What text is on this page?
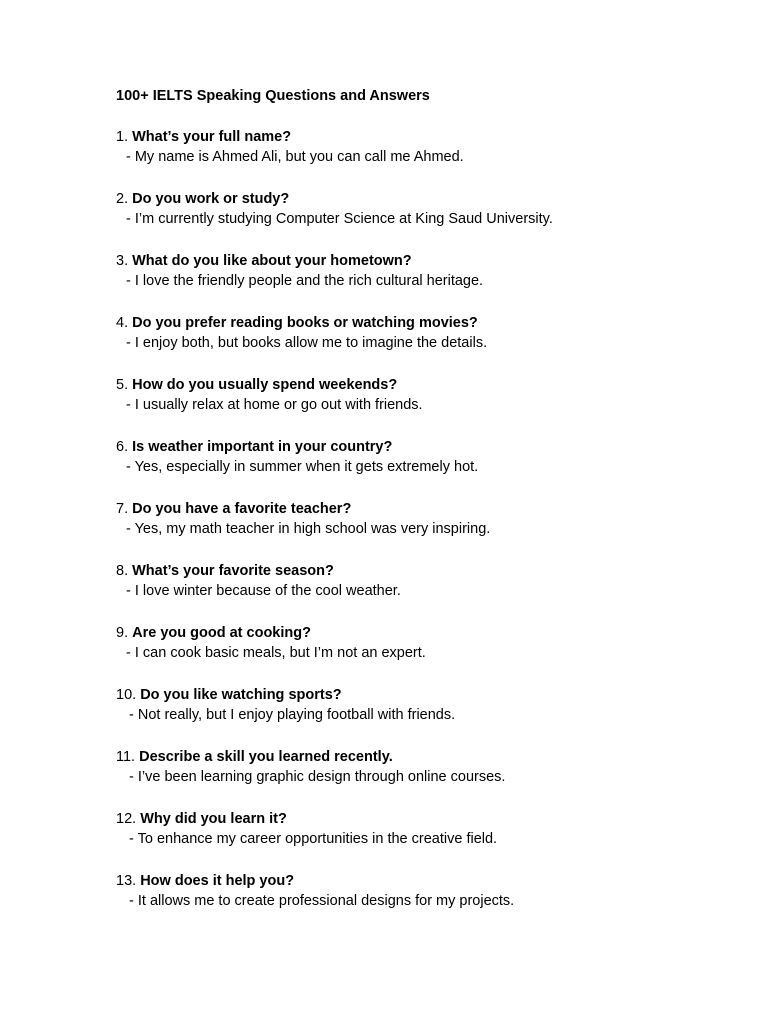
100+ IELTS Speaking Questions and Answers
1. What’s your full name?
- My name is Ahmed Ali, but you can call me Ahmed.
2. Do you work or study?
- I’m currently studying Computer Science at King Saud University.
3. What do you like about your hometown?
- I love the friendly people and the rich cultural heritage.
4. Do you prefer reading books or watching movies?
- I enjoy both, but books allow me to imagine the details.
5. How do you usually spend weekends?
- I usually relax at home or go out with friends.
6. Is weather important in your country?
- Yes, especially in summer when it gets extremely hot.
7. Do you have a favorite teacher?
- Yes, my math teacher in high school was very inspiring.
8. What’s your favorite season?
- I love winter because of the cool weather.
9. Are you good at cooking?
- I can cook basic meals, but I’m not an expert.
10. Do you like watching sports?
- Not really, but I enjoy playing football with friends.
11. Describe a skill you learned recently.
- I’ve been learning graphic design through online courses.
12. Why did you learn it?
- To enhance my career opportunities in the creative field.
13. How does it help you?
- It allows me to create professional designs for my projects.
